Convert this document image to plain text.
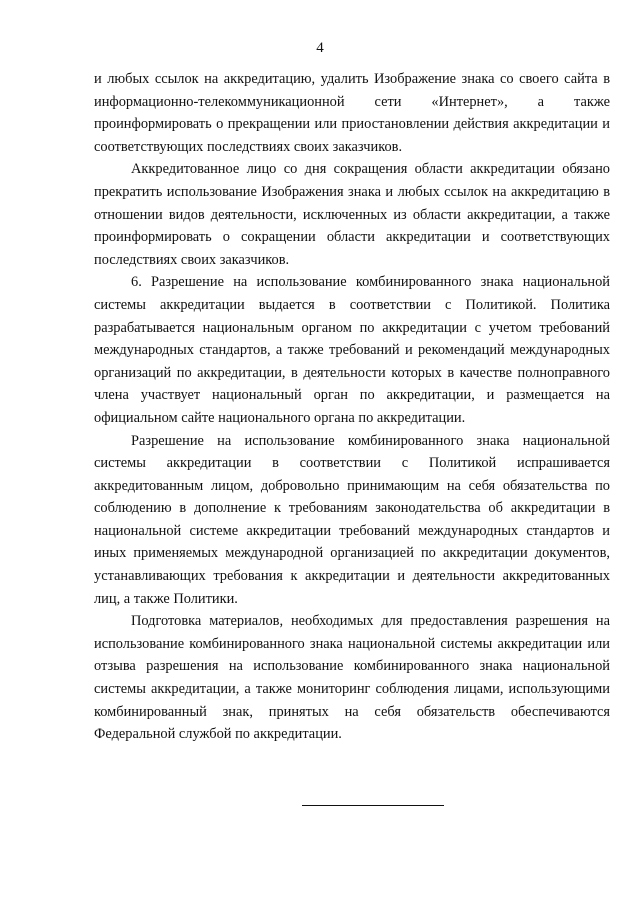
4

и любых ссылок на аккредитацию, удалить Изображение знака со своего сайта в информационно-телекоммуникационной сети «Интернет», а также проинформировать о прекращении или приостановлении действия аккредитации и соответствующих последствиях своих заказчиков.

Аккредитованное лицо со дня сокращения области аккредитации обязано прекратить использование Изображения знака и любых ссылок на аккредитацию в отношении видов деятельности, исключенных из области аккредитации, а также проинформировать о сокращении области аккредитации и соответствующих последствиях своих заказчиков.

6. Разрешение на использование комбинированного знака национальной системы аккредитации выдается в соответствии с Политикой. Политика разрабатывается национальным органом по аккредитации с учетом требований международных стандартов, а также требований и рекомендаций международных организаций по аккредитации, в деятельности которых в качестве полноправного члена участвует национальный орган по аккредитации, и размещается на официальном сайте национального органа по аккредитации.

Разрешение на использование комбинированного знака национальной системы аккредитации в соответствии с Политикой испрашивается аккредитованным лицом, добровольно принимающим на себя обязательства по соблюдению в дополнение к требованиям законодательства об аккредитации в национальной системе аккредитации требований международных стандартов и иных применяемых международной организацией по аккредитации документов, устанавливающих требования к аккредитации и деятельности аккредитованных лиц, а также Политики.

Подготовка материалов, необходимых для предоставления разрешения на использование комбинированного знака национальной системы аккредитации или отзыва разрешения на использование комбинированного знака национальной системы аккредитации, а также мониторинг соблюдения лицами, использующими комбинированный знак, принятых на себя обязательств обеспечиваются Федеральной службой по аккредитации.
